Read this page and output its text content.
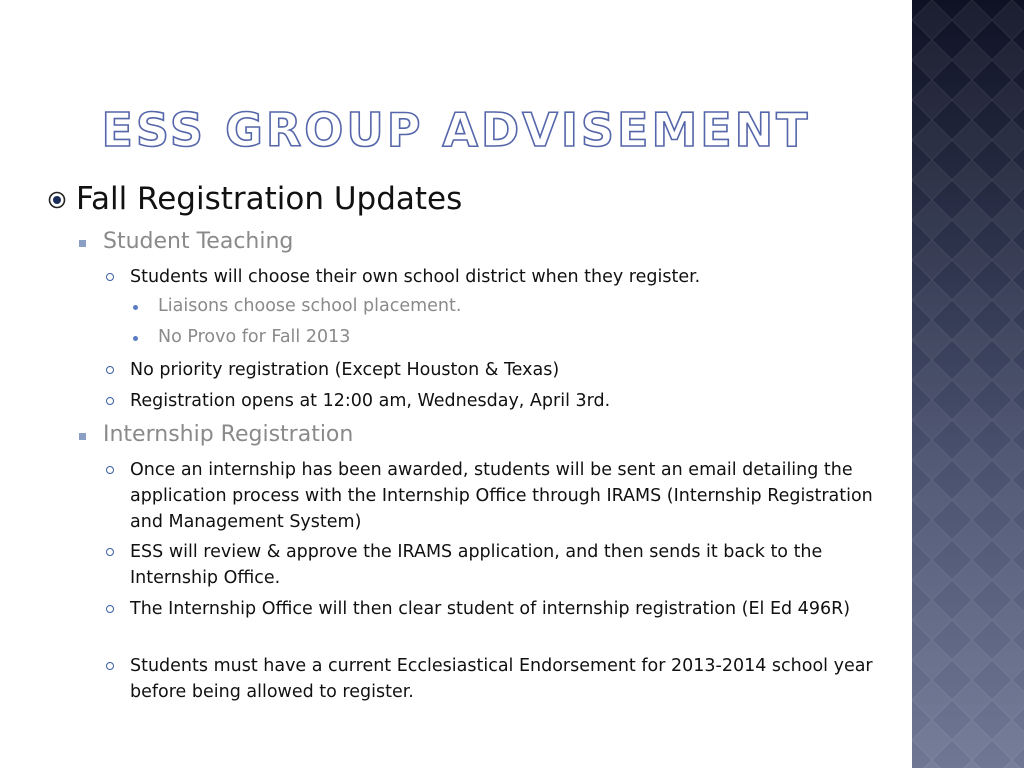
ESS GROUP ADVISEMENT
Fall Registration Updates
Student Teaching
Students will choose their own school district when they register.
Liaisons choose school placement.
No Provo for Fall 2013
No priority registration (Except Houston & Texas)
Registration opens at 12:00 am, Wednesday, April 3rd.
Internship Registration
Once an internship has been awarded, students will be sent an email detailing the application process with the Internship Office through IRAMS (Internship Registration and Management System)
ESS will review & approve the IRAMS application, and then sends it back to the Internship Office.
The Internship Office will then clear student of internship registration (El Ed 496R)
Students must have a current Ecclesiastical Endorsement for 2013-2014 school year before being allowed to register.
